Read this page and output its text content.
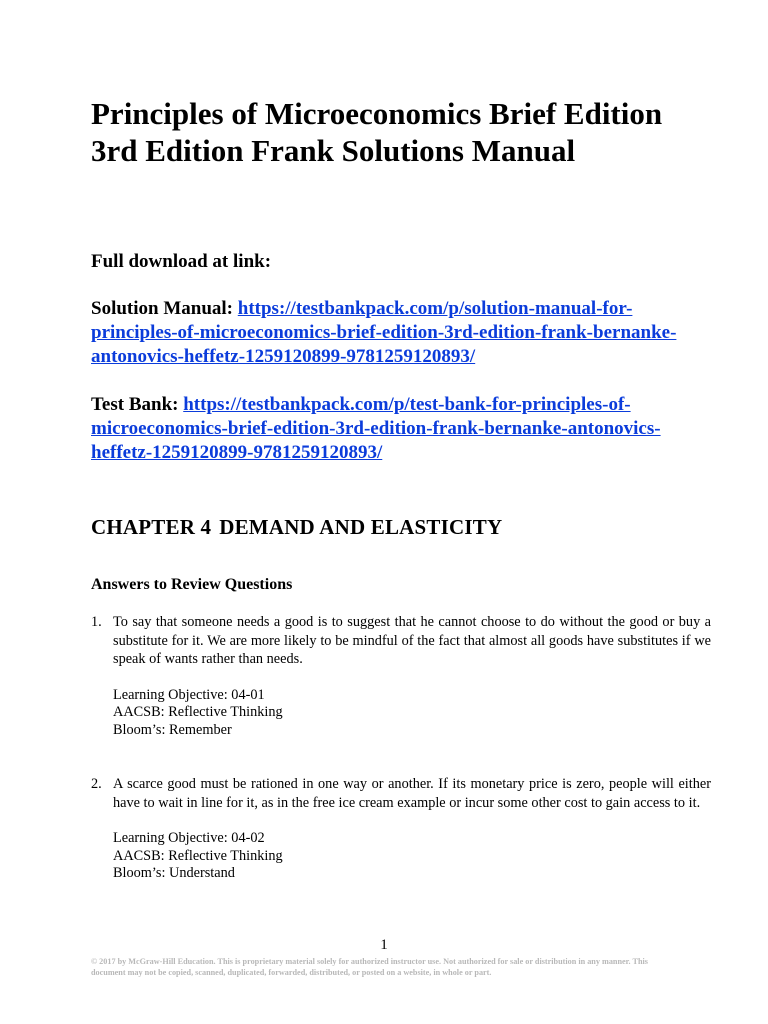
Principles of Microeconomics Brief Edition 3rd Edition Frank Solutions Manual

Full download at link:

Solution Manual: https://testbankpack.com/p/solution-manual-for-principles-of-microeconomics-brief-edition-3rd-edition-frank-bernanke-antonovics-heffetz-1259120899-9781259120893/

Test Bank: https://testbankpack.com/p/test-bank-for-principles-of-microeconomics-brief-edition-3rd-edition-frank-bernanke-antonovics-heffetz-1259120899-9781259120893/

CHAPTER 4 DEMAND AND ELASTICITY
Answers to Review Questions
1. To say that someone needs a good is to suggest that he cannot choose to do without the good or buy a substitute for it. We are more likely to be mindful of the fact that almost all goods have substitutes if we speak of wants rather than needs.
Learning Objective: 04-01
AACSB: Reflective Thinking
Bloom’s: Remember
2. A scarce good must be rationed in one way or another. If its monetary price is zero, people will either have to wait in line for it, as in the free ice cream example or incur some other cost to gain access to it.
Learning Objective: 04-02
AACSB: Reflective Thinking
Bloom’s: Understand

1

© 2017 by McGraw-Hill Education. This is proprietary material solely for authorized instructor use. Not authorized for sale or distribution in any manner. This document may not be copied, scanned, duplicated, forwarded, distributed, or posted on a website, in whole or part.
